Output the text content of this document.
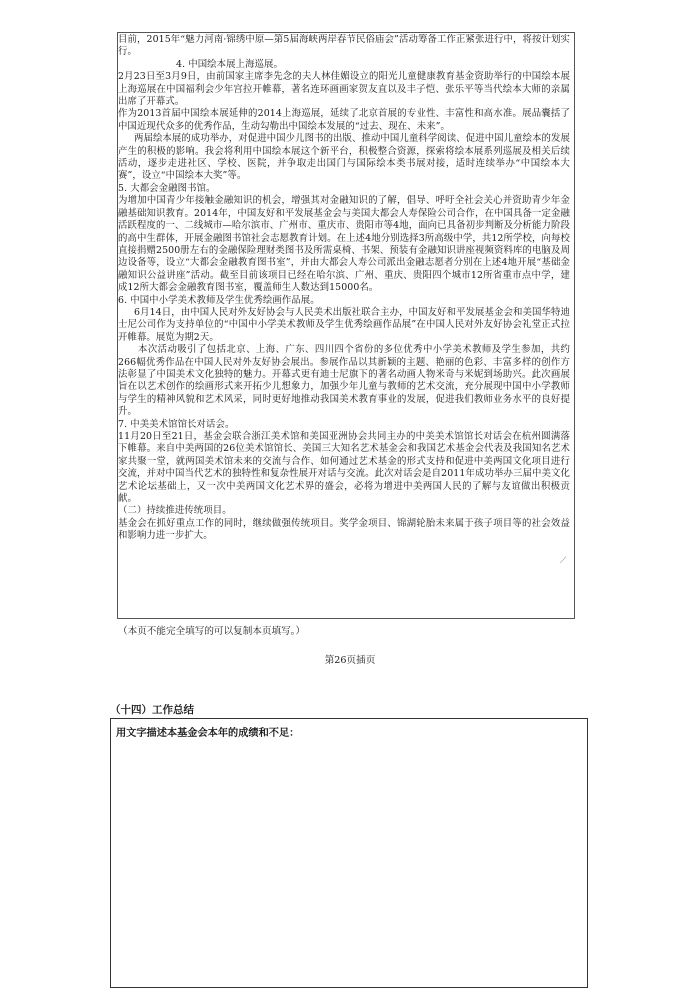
目前，2015年“魅力河南·锦绣中原—第5届海峡两岸春节民俗庙会”活动筹备工作正紧张进行中，将按计划实行。

4. 中国绘本展上海巡展。

2月23日至3月9日，由前国家主席李先念的夫人林佳媚设立的阳光儿童健康教育基金资助举行的中国绘本展上海巡展在中国福利会少年宫拉开帷幕，著名连环画画家贺友直以及丰子恺、张乐平等当代绘本大师的亲属出席了开幕式。

作为2013首届中国绘本展延伸的2014上海巡展，延续了北京首展的专业性、丰富性和高水准。展品囊括了中国近现代众多的优秀作品，生动勾勒出中国绘本发展的“过去、现在、未来”。

两届绘本展的成功举办，对促进中国少儿图书的出版、推动中国儿童科学阅读、促进中国儿童绘本的发展产生的积极的影响。我会将利用中国绘本展这个新平台，积极整合资源，探索将绘本展系列巡展及相关后续活动，逐步走进社区、学校、医院，并争取走出国门与国际绘本类书展对接，适时连续举办“中国绘本大赛”，设立“中国绘本大奖”等。

5. 大都会金融图书馆。

为增加中国青少年接触金融知识的机会，增强其对金融知识的了解，倡导、呼吁全社会关心并资助青少年金融基础知识教育。2014年，中国友好和平发展基金会与美国大都会人寿保险公司合作，在中国具备一定金融活跃程度的一、二线城市—哈尔滨市、广州市、重庆市、贵阳市等4地，面向已具备初步判断及分析能力阶段的高中生群体，开展金融图书馆社会志愿教育计划。在上述4地分别选择3所高级中学，共12所学校，向每校直接捐赠2500册左右的金融保险理财类图书及所需桌椅、书架、预装有金融知识讲座视频资料库的电脑及周边设备等，设立“大都会金融教育图书室”，并由大都会人寿公司派出金融志愿者分别在上述4地开展“基础金融知识公益讲座”活动。截至目前该项目已经在哈尔滨、广州、重庆、贵阳四个城市12所省重市点中学，建成12所大都会金融教育图书室，覆盖师生人数达到15000名。

6. 中国中小学美术教师及学生优秀绘画作品展。

6月14日，由中国人民对外友好协会与人民美术出版社联合主办，中国友好和平发展基金会和美国华特迪士尼公司作为支持单位的“中国中小学美术教师及学生优秀绘画作品展”在中国人民对外友好协会礼堂正式拉开帷幕。展览为期2天。

本次活动吸引了包括北京、上海、广东、四川四个省份的多位优秀中小学美术教师及学生参加，共约266幅优秀作品在中国人民对外友好协会展出。参展作品以其新颖的主题、艳丽的色彩、丰富多样的创作方法彰显了中国美术文化独特的魅力。开幕式更有迪士尼旗下的著名动画人物米奇与米妮到场助兴。此次画展旨在以艺术创作的绘画形式来开拓少儿想象力，加强少年儿童与教师的艺术交流，充分展现中国中小学教师与学生的精神风貌和艺术风采，同时更好地推动我国美术教育事业的发展，促进我们教师业务水平的良好提升。

7. 中美美术馆馆长对话会。

11月20日至21日，基金会联合浙江美术馆和美国亚洲协会共同主办的中美美术馆馆长对话会在杭州圆满落下帷幕。来自中美两国的26位美术馆馆长、美国三大知名艺术基金会和我国艺术基金会代表及我国知名艺术家共聚一堂，就两国美术馆未来的交流与合作、如何通过艺术基金的形式支持和促进中美两国文化项目进行交流，并对中国当代艺术的独特性和复杂性展开对话与交流。此次对话会是自2011年成功举办三届中美文化艺术论坛基础上，又一次中美两国文化艺术界的盛会，必将为增进中美两国人民的了解与友谊做出积极贡献。

（二）持续推进传统项目。

基金会在抓好重点工作的同时，继续做强传统项目。奖学金项目、锦湖轮胎未来属于孩子项目等的社会效益和影响力进一步扩大。

⟋
（本页不能完全填写的可以复制本页填写。）
第26页插页
（十四）工作总结
用文字描述本基金会本年的成绩和不足：
